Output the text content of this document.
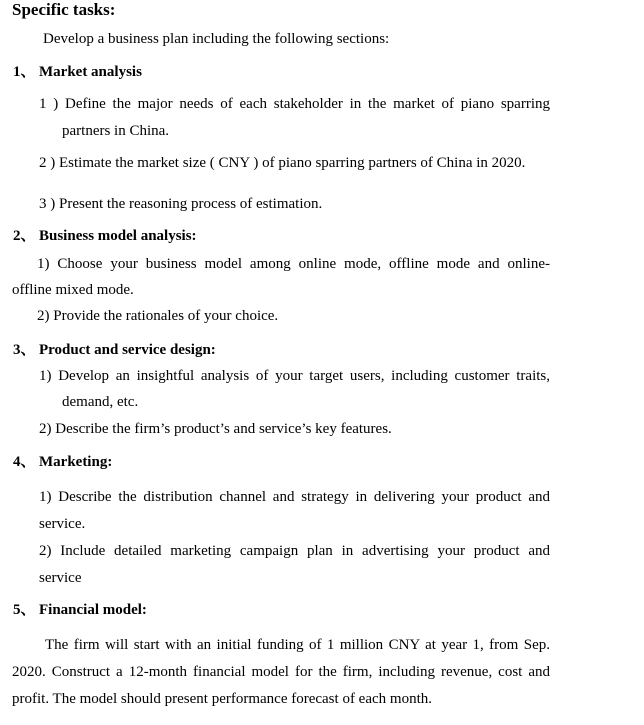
Specific tasks:
Develop a business plan including the following sections:
1、 Market analysis
1 ) Define the major needs of each stakeholder in the market of piano sparring
partners in China.
2 ) Estimate the market size ( CNY ) of piano sparring partners of China in 2020.
3 ) Present the reasoning process of estimation.
2、 Business model analysis:
1) Choose your business model among online mode, offline mode and online-
offline mixed mode.
2) Provide the rationales of your choice.
3、 Product and service design:
1) Develop an insightful analysis of your target users, including customer traits,
demand, etc.
2) Describe the firm’s product’s and service’s key features.
4、 Marketing:
1) Describe the distribution channel and strategy in delivering your product and
service.
2) Include detailed marketing campaign plan in advertising your product and
service
5、 Financial model:
The firm will start with an initial funding of 1 million CNY at year 1, from Sep.
2020. Construct a 12-month financial model for the firm, including revenue, cost and
profit. The model should present performance forecast of each month.
